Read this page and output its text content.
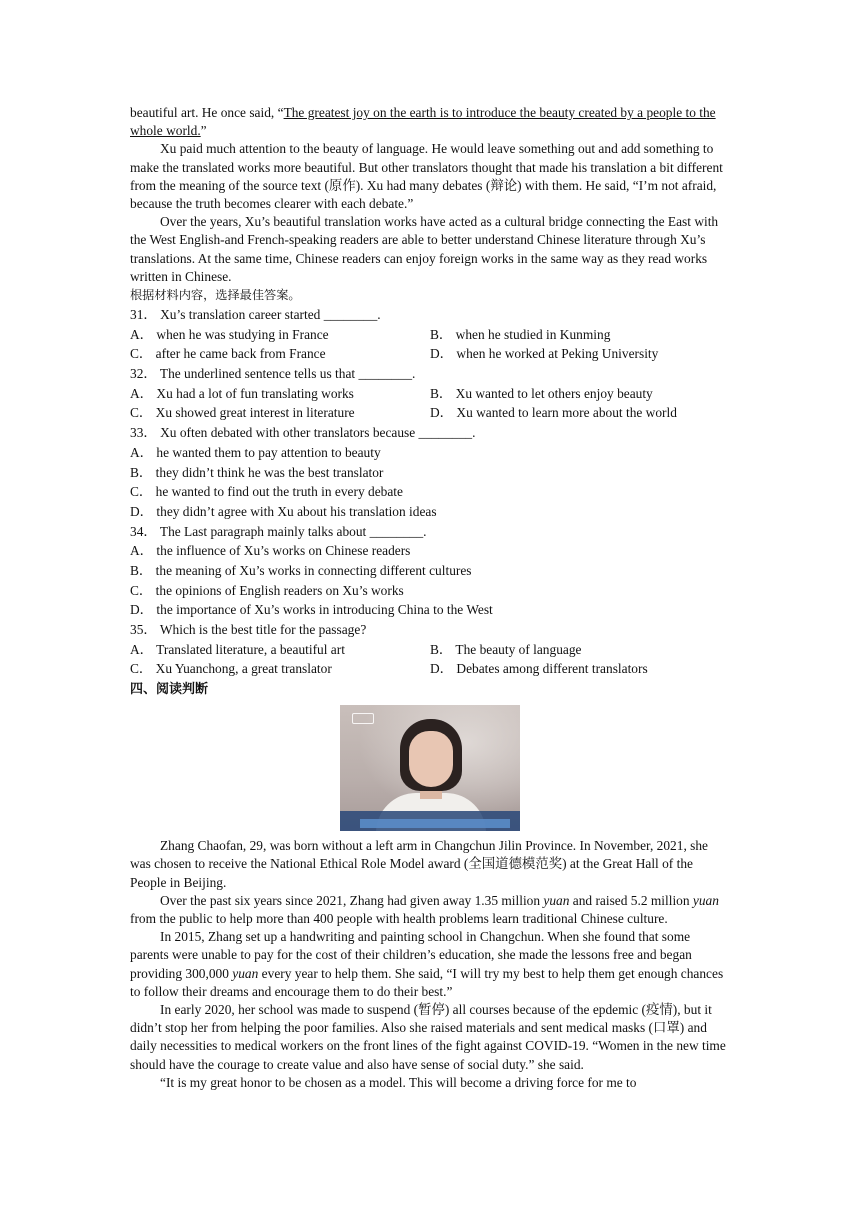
beautiful art. He once said, “The greatest joy on the earth is to introduce the beauty created by a people to the whole world.”

Xu paid much attention to the beauty of language. He would leave something out and add something to make the translated works more beautiful. But other translators thought that made his translation a bit different from the meaning of the source text (原作). Xu had many debates (辩论) with them. He said, “I’m not afraid, because the truth becomes clearer with each debate.”

Over the years, Xu’s beautiful translation works have acted as a cultural bridge connecting the East with the West English-and French-speaking readers are able to better understand Chinese literature through Xu’s translations. At the same time, Chinese readers can enjoy foreign works in the same way as they read works written in Chinese.

根据材料内容，选择最佳答案。

31． Xu’s translation career started ________.

A． when he was studying in France	B． when he studied in Kunming
C． after he came back from France	D． when he worked at Peking University

32． The underlined sentence tells us that ________.

A． Xu had a lot of fun translating works	B． Xu wanted to let others enjoy beauty
C． Xu showed great interest in literature	D． Xu wanted to learn more about the world

33． Xu often debated with other translators because ________.

A． he wanted them to pay attention to beauty

B． they didn’t think he was the best translator

C． he wanted to find out the truth in every debate

D． they didn’t agree with Xu about his translation ideas

34． The Last paragraph mainly talks about ________.

A． the influence of Xu’s works on Chinese readers

B． the meaning of Xu’s works in connecting different cultures

C． the opinions of English readers on Xu’s works

D． the importance of Xu’s works in introducing China to the West

35． Which is the best title for the passage?

A． Translated literature, a beautiful art	B． The beauty of language
C． Xu Yuanchong, a great translator	D． Debates among different translators

四、阅读判断

Zhang Chaofan, 29, was born without a left arm in Changchun Jilin Province. In November, 2021, she was chosen to receive the National Ethical Role Model award (全国道德模范奖) at the Great Hall of the People in Beijing.

Over the past six years since 2021, Zhang had given away 1.35 million yuan and raised 5.2 million yuan from the public to help more than 400 people with health problems learn traditional Chinese culture.

In 2015, Zhang set up a handwriting and painting school in Changchun. When she found that some parents were unable to pay for the cost of their children’s education, she made the lessons free and began providing 300,000 yuan every year to help them. She said, “I will try my best to help them get enough chances to follow their dreams and encourage them to do their best.”

In early 2020, her school was made to suspend (暂停) all courses because of the epdemic (疫情), but it didn’t stop her from helping the poor families. Also she raised materials and sent medical masks (口罩) and daily necessities to medical workers on the front lines of the fight against COVID-19. “Women in the new time should have the courage to create value and also have sense of social duty.” she said.

“It is my great honor to be chosen as a model. This will become a driving force for me to
